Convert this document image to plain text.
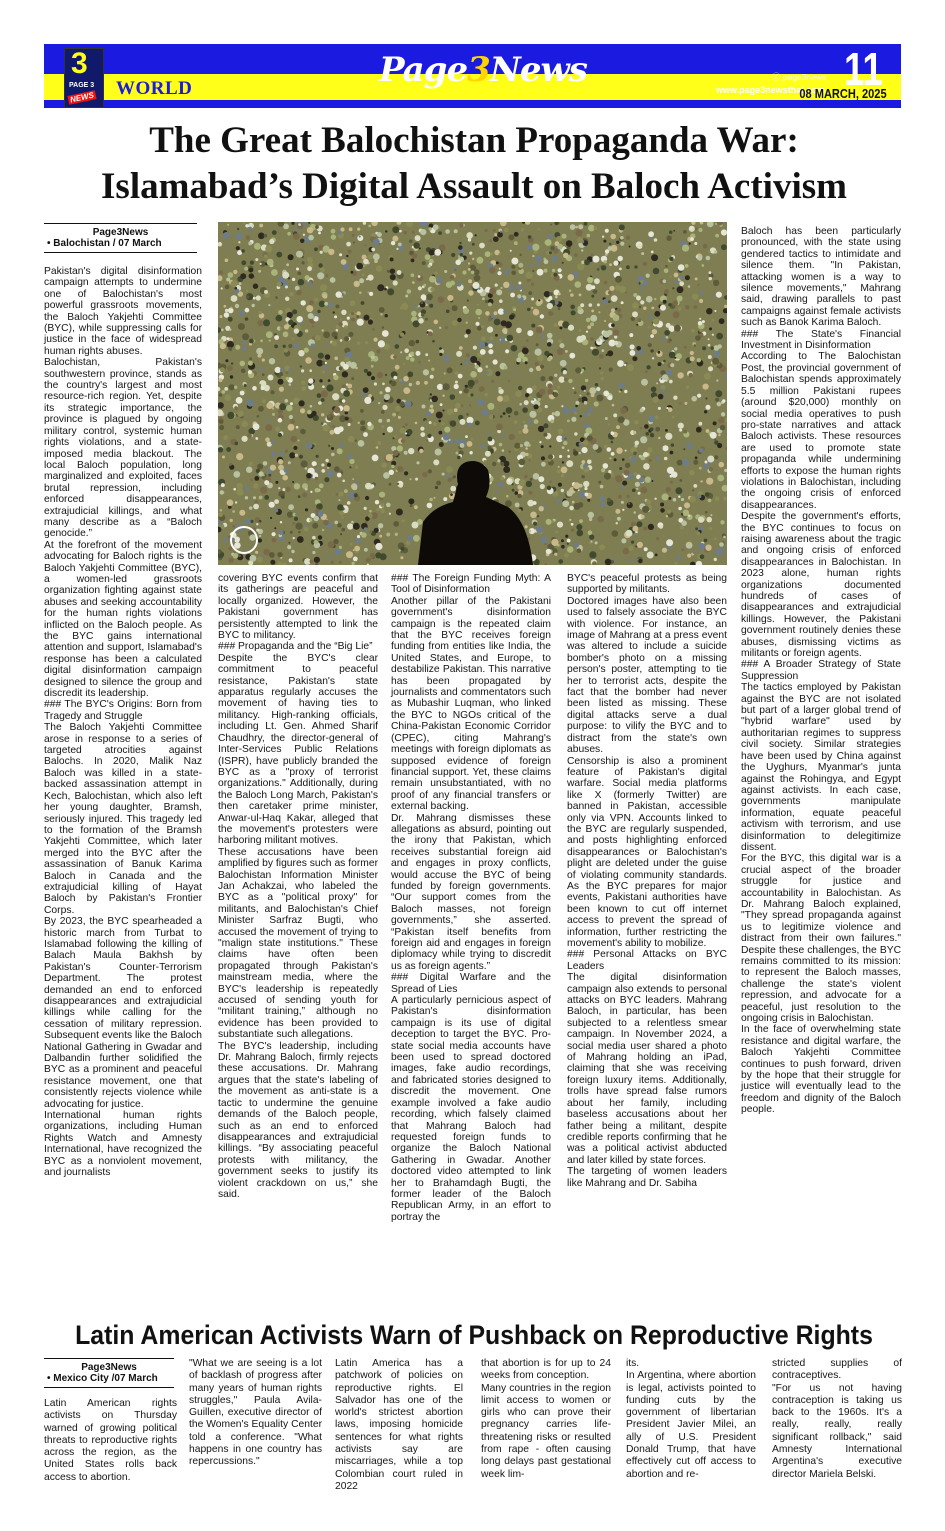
3
PAGE 3
NEWS WORLD	Page3News	ⓕ page3news
www.page3newsthai.com 11
08 MARCH, 2025
The Great Balochistan Propaganda War:
Islamabad’s Digital Assault on Baloch Activism
Page3News
• Balochistan / 07 March

Pakistan's digital disinformation campaign attempts to undermine one of Balochistan's most powerful grassroots movements, the Baloch Yakjehti Committee (BYC), while suppressing calls for justice in the face of widespread human rights abuses.

Balochistan, Pakistan's southwestern province, stands as the country's largest and most resource-rich region. Yet, despite its strategic importance, the province is plagued by ongoing military control, systemic human rights violations, and a state-imposed media blackout. The local Baloch population, long marginalized and exploited, faces brutal repression, including enforced disappearances, extrajudicial killings, and what many describe as a “Baloch genocide.”

At the forefront of the movement advocating for Baloch rights is the Baloch Yakjehti Committee (BYC), a women-led grassroots organization fighting against state abuses and seeking accountability for the human rights violations inflicted on the Baloch people. As the BYC gains international attention and support, Islamabad's response has been a calculated digital disinformation campaign designed to silence the group and discredit its leadership.

### The BYC's Origins: Born from Tragedy and Struggle

The Baloch Yakjehti Committee arose in response to a series of targeted atrocities against Balochs. In 2020, Malik Naz Baloch was killed in a state-backed assassination attempt in Kech, Balochistan, which also left her young daughter, Bramsh, seriously injured. This tragedy led to the formation of the Bramsh Yakjehti Committee, which later merged into the BYC after the assassination of Banuk Karima Baloch in Canada and the extrajudicial killing of Hayat Baloch by Pakistan's Frontier Corps.

By 2023, the BYC spearheaded a historic march from Turbat to Islamabad following the killing of Balach Maula Bakhsh by Pakistan's Counter-Terrorism Department. The protest demanded an end to enforced disappearances and extrajudicial killings while calling for the cessation of military repression. Subsequent events like the Baloch National Gathering in Gwadar and Dalbandin further solidified the BYC as a prominent and peaceful resistance movement, one that consistently rejects violence while advocating for justice.

International human rights organizations, including Human Rights Watch and Amnesty International, have recognized the BYC as a nonviolent movement, and journalists

covering BYC events confirm that its gatherings are peaceful and locally organized. However, the Pakistani government has persistently attempted to link the BYC to militancy.

### Propaganda and the “Big Lie”

Despite the BYC's clear commitment to peaceful resistance, Pakistan's state apparatus regularly accuses the movement of having ties to militancy. High-ranking officials, including Lt. Gen. Ahmed Sharif Chaudhry, the director-general of Inter-Services Public Relations (ISPR), have publicly branded the BYC as a "proxy of terrorist organizations." Additionally, during the Baloch Long March, Pakistan's then caretaker prime minister, Anwar-ul-Haq Kakar, alleged that the movement's protesters were harboring militant motives.

These accusations have been amplified by figures such as former Balochistan Information Minister Jan Achakzai, who labeled the BYC as a "political proxy" for militants, and Balochistan's Chief Minister Sarfraz Bugti, who accused the movement of trying to "malign state institutions." These claims have often been propagated through Pakistan's mainstream media, where the BYC's leadership is repeatedly accused of sending youth for “militant training,” although no evidence has been provided to substantiate such allegations.

The BYC's leadership, including Dr. Mahrang Baloch, firmly rejects these accusations. Dr. Mahrang argues that the state's labeling of the movement as anti-state is a tactic to undermine the genuine demands of the Baloch people, such as an end to enforced disappearances and extrajudicial killings. “By associating peaceful protests with militancy, the government seeks to justify its violent crackdown on us,” she said.

### The Foreign Funding Myth: A Tool of Disinformation

Another pillar of the Pakistani government's disinformation campaign is the repeated claim that the BYC receives foreign funding from entities like India, the United States, and Europe, to destabilize Pakistan. This narrative has been propagated by journalists and commentators such as Mubashir Luqman, who linked the BYC to NGOs critical of the China-Pakistan Economic Corridor (CPEC), citing Mahrang's meetings with foreign diplomats as supposed evidence of foreign financial support. Yet, these claims remain unsubstantiated, with no proof of any financial transfers or external backing.

Dr. Mahrang dismisses these allegations as absurd, pointing out the irony that Pakistan, which receives substantial foreign aid and engages in proxy conflicts, would accuse the BYC of being funded by foreign governments. “Our support comes from the Baloch masses, not foreign governments,” she asserted. “Pakistan itself benefits from foreign aid and engages in foreign diplomacy while trying to discredit us as foreign agents.”

### Digital Warfare and the Spread of Lies

A particularly pernicious aspect of Pakistan's disinformation campaign is its use of digital deception to target the BYC. Pro-state social media accounts have been used to spread doctored images, fake audio recordings, and fabricated stories designed to discredit the movement. One example involved a fake audio recording, which falsely claimed that Mahrang Baloch had requested foreign funds to organize the Baloch National Gathering in Gwadar. Another doctored video attempted to link her to Brahamdagh Bugti, the former leader of the Baloch Republican Army, in an effort to portray the

BYC's peaceful protests as being supported by militants.

Doctored images have also been used to falsely associate the BYC with violence. For instance, an image of Mahrang at a press event was altered to include a suicide bomber's photo on a missing person's poster, attempting to tie her to terrorist acts, despite the fact that the bomber had never been listed as missing. These digital attacks serve a dual purpose: to vilify the BYC and to distract from the state's own abuses.

Censorship is also a prominent feature of Pakistan's digital warfare. Social media platforms like X (formerly Twitter) are banned in Pakistan, accessible only via VPN. Accounts linked to the BYC are regularly suspended, and posts highlighting enforced disappearances or Balochistan's plight are deleted under the guise of violating community standards. As the BYC prepares for major events, Pakistani authorities have been known to cut off internet access to prevent the spread of information, further restricting the movement's ability to mobilize.

### Personal Attacks on BYC Leaders

The digital disinformation campaign also extends to personal attacks on BYC leaders. Mahrang Baloch, in particular, has been subjected to a relentless smear campaign. In November 2024, a social media user shared a photo of Mahrang holding an iPad, claiming that she was receiving foreign luxury items. Additionally, trolls have spread false rumors about her family, including baseless accusations about her father being a militant, despite credible reports confirming that he was a political activist abducted and later killed by state forces.

The targeting of women leaders like Mahrang and Dr. Sabiha

Baloch has been particularly pronounced, with the state using gendered tactics to intimidate and silence them. "In Pakistan, attacking women is a way to silence movements," Mahrang said, drawing parallels to past campaigns against female activists such as Banok Karima Baloch.

### The State's Financial Investment in Disinformation

According to The Balochistan Post, the provincial government of Balochistan spends approximately 5.5 million Pakistani rupees (around $20,000) monthly on social media operatives to push pro-state narratives and attack Baloch activists. These resources are used to promote state propaganda while undermining efforts to expose the human rights violations in Balochistan, including the ongoing crisis of enforced disappearances.

Despite the government's efforts, the BYC continues to focus on raising awareness about the tragic and ongoing crisis of enforced disappearances in Balochistan. In 2023 alone, human rights organizations documented hundreds of cases of disappearances and extrajudicial killings. However, the Pakistani government routinely denies these abuses, dismissing victims as militants or foreign agents.

### A Broader Strategy of State Suppression

The tactics employed by Pakistan against the BYC are not isolated but part of a larger global trend of "hybrid warfare" used by authoritarian regimes to suppress civil society. Similar strategies have been used by China against the Uyghurs, Myanmar's junta against the Rohingya, and Egypt against activists. In each case, governments manipulate information, equate peaceful activism with terrorism, and use disinformation to delegitimize dissent.

For the BYC, this digital war is a crucial aspect of the broader struggle for justice and accountability in Balochistan. As Dr. Mahrang Baloch explained, "They spread propaganda against us to legitimize violence and distract from their own failures." Despite these challenges, the BYC remains committed to its mission: to represent the Baloch masses, challenge the state's violent repression, and advocate for a peaceful, just resolution to the ongoing crisis in Balochistan.

In the face of overwhelming state resistance and digital warfare, the Baloch Yakjehti Committee continues to push forward, driven by the hope that their struggle for justice will eventually lead to the freedom and dignity of the Baloch people.

Latin American Activists Warn of Pushback on Reproductive Rights
Page3News
• Mexico City /07 March

Latin American rights activists on Thursday warned of growing political threats to reproductive rights across the region, as the United States rolls back access to abortion.

"What we are seeing is a lot of backlash of progress after many years of human rights struggles," Paula Avila-Guillen, executive director of the Women's Equality Center told a conference. "What happens in one country has repercussions."

Latin America has a patchwork of policies on reproductive rights. El Salvador has one of the world's strictest abortion laws, imposing homicide sentences for what rights activists say are miscarriages, while a top Colombian court ruled in 2022

that abortion is for up to 24 weeks from conception.

Many countries in the region limit access to women or girls who can prove their pregnancy carries life-threatening risks or resulted from rape - often causing long delays past gestational week lim-

its.

In Argentina, where abortion is legal, activists pointed to funding cuts by the government of libertarian President Javier Milei, an ally of U.S. President Donald Trump, that have effectively cut off access to abortion and re-

stricted supplies of contraceptives.

"For us not having contraception is taking us back to the 1960s. It's a really, really, really significant rollback," said Amnesty International Argentina's executive director Mariela Belski.
